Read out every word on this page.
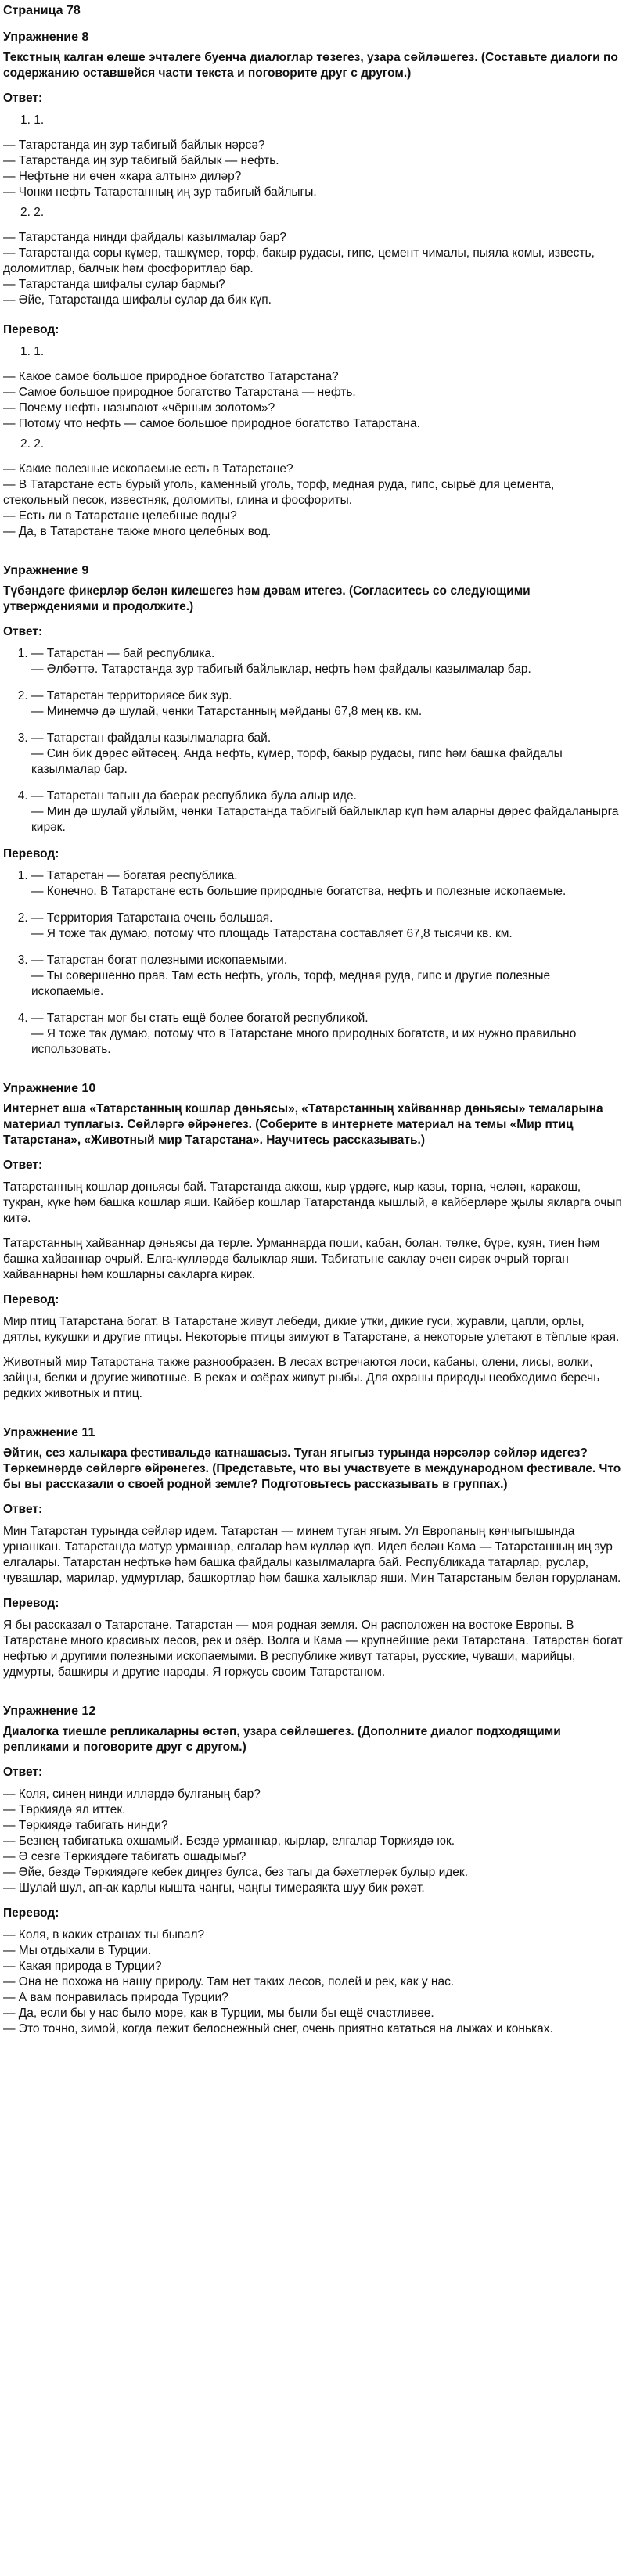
Страница 78

Упражнение 8

Текстның калган өлеше эчтәлеге буенча диалоглар төзегез, узара сөйләшегез. (Составьте диалоги по содержанию оставшейся части текста и поговорите друг с другом.)

Ответ:

1. 1.

— Татарстанда иң зур табигый байлык нәрсә?

— Татарстанда иң зур табигый байлык — нефть.

— Нефтьне ни өчен «кара алтын» диләр?

— Чөнки нефть Татарстанның иң зур табигый байлыгы.

2. 2.

— Татарстанда нинди файдалы казылмалар бар?

— Татарстанда соры күмер, ташкүмер, торф, бакыр рудасы, гипс, цемент чималы, пыяла комы, известь, доломитлар, балчык һәм фосфоритлар бар.

— Татарстанда шифалы сулар бармы?

— Әйе, Татарстанда шифалы сулар да бик күп.

Перевод:

1. 1.

— Какое самое большое природное богатство Татарстана?

— Самое большое природное богатство Татарстана — нефть.

— Почему нефть называют «чёрным золотом»?

— Потому что нефть — самое большое природное богатство Татарстана.

2. 2.

— Какие полезные ископаемые есть в Татарстане?

— В Татарстане есть бурый уголь, каменный уголь, торф, медная руда, гипс, сырьё для цемента, стекольный песок, известняк, доломиты, глина и фосфориты.

— Есть ли в Татарстане целебные воды?

— Да, в Татарстане также много целебных вод.

Упражнение 9

Түбәндәге фикерләр белән килешегез һәм дәвам итегез. (Согласитесь со следующими утверждениями и продолжите.)

Ответ:

1. — Татарстан — бай республика.

— Әлбәттә. Татарстанда зур табигый байлыклар, нефть һәм файдалы казылмалар бар.

2. — Татарстан территориясе бик зур.

— Минемчә дә шулай, чөнки Татарстанның мәйданы 67,8 мең кв. км.

3. — Татарстан файдалы казылмаларга бай.

— Син бик дөрес әйтәсең. Анда нефть, күмер, торф, бакыр рудасы, гипс һәм башка файдалы казылмалар бар.

4. — Татарстан тагын да баерак республика була алыр иде.

— Мин дә шулай уйлыйм, чөнки Татарстанда табигый байлыклар күп һәм аларны дөрес файдаланырга кирәк.

Перевод:

1. — Татарстан — богатая республика.

— Конечно. В Татарстане есть большие природные богатства, нефть и полезные ископаемые.

2. — Территория Татарстана очень большая.

— Я тоже так думаю, потому что площадь Татарстана составляет 67,8 тысячи кв. км.

3. — Татарстан богат полезными ископаемыми.

— Ты совершенно прав. Там есть нефть, уголь, торф, медная руда, гипс и другие полезные ископаемые.

4. — Татарстан мог бы стать ещё более богатой республикой.

— Я тоже так думаю, потому что в Татарстане много природных богатств, и их нужно правильно использовать.

Упражнение 10

Интернет аша «Татарстанның кошлар дөньясы», «Татарстанның хайваннар дөньясы» темаларына материал туплагыз. Сөйләргә өйрәнегез. (Соберите в интернете материал на темы «Мир птиц Татарстана», «Животный мир Татарстана». Научитесь рассказывать.)

Ответ:

Татарстанның кошлар дөньясы бай. Татарстанда аккош, кыр үрдәге, кыр казы, торна, челән, каракош, тукран, күке һәм башка кошлар яши. Кайбер кошлар Татарстанда кышлый, ә кайберләре җылы якларга очып китә.

Татарстанның хайваннар дөньясы да төрле. Урманнарда поши, кабан, болан, төлке, бүре, куян, тиен һәм башка хайваннар очрый. Елга-күлләрдә балыклар яши. Табигатьне саклау өчен сирәк очрый торган хайваннарны һәм кошларны сакларга кирәк.

Перевод:

Мир птиц Татарстана богат. В Татарстане живут лебеди, дикие утки, дикие гуси, журавли, цапли, орлы, дятлы, кукушки и другие птицы. Некоторые птицы зимуют в Татарстане, а некоторые улетают в тёплые края.

Животный мир Татарстана также разнообразен. В лесах встречаются лоси, кабаны, олени, лисы, волки, зайцы, белки и другие животные. В реках и озёрах живут рыбы. Для охраны природы необходимо беречь редких животных и птиц.

Упражнение 11

Әйтик, сез халыкара фестивальдә катнашасыз. Туган ягыгыз турында нәрсәләр сөйләр идегез? Төркемнәрдә сөйләргә өйрәнегез. (Представьте, что вы участвуете в международном фестивале. Что бы вы рассказали о своей родной земле? Подготовьтесь рассказывать в группах.)

Ответ:

Мин Татарстан турында сөйләр идем. Татарстан — минем туган ягым. Ул Европаның көнчыгышында урнашкан. Татарстанда матур урманнар, елгалар һәм күлләр күп. Идел белән Кама — Татарстанның иң зур елгалары. Татарстан нефтькә һәм башка файдалы казылмаларга бай. Республикада татарлар, руслар, чувашлар, марилар, удмуртлар, башкортлар һәм башка халыклар яши. Мин Татарстаным белән горурланам.

Перевод:

Я бы рассказал о Татарстане. Татарстан — моя родная земля. Он расположен на востоке Европы. В Татарстане много красивых лесов, рек и озёр. Волга и Кама — крупнейшие реки Татарстана. Татарстан богат нефтью и другими полезными ископаемыми. В республике живут татары, русские, чуваши, марийцы, удмурты, башкиры и другие народы. Я горжусь своим Татарстаном.

Упражнение 12

Диалогка тиешле репликаларны өстәп, узара сөйләшегез. (Дополните диалог подходящими репликами и поговорите друг с другом.)

Ответ:

— Коля, синең нинди илләрдә булганың бар?

— Төркиядә ял иттек.

— Төркиядә табигать нинди?

— Безнең табигатька охшамый. Бездә урманнар, кырлар, елгалар Төркиядә юк.

— Ә сезгә Төркиядәге табигать ошадымы?

— Әйе, бездә Төркиядәге кебек диңгез булса, без тагы да бәхетлерәк булыр идек.

— Шулай шул, ап-ак карлы кышта чаңгы, чаңгы тимераякта шуу бик рәхәт.

Перевод:

— Коля, в каких странах ты бывал?

— Мы отдыхали в Турции.

— Какая природа в Турции?

— Она не похожа на нашу природу. Там нет таких лесов, полей и рек, как у нас.

— А вам понравилась природа Турции?

— Да, если бы у нас было море, как в Турции, мы были бы ещё счастливее.

— Это точно, зимой, когда лежит белоснежный снег, очень приятно кататься на лыжах и коньках.
